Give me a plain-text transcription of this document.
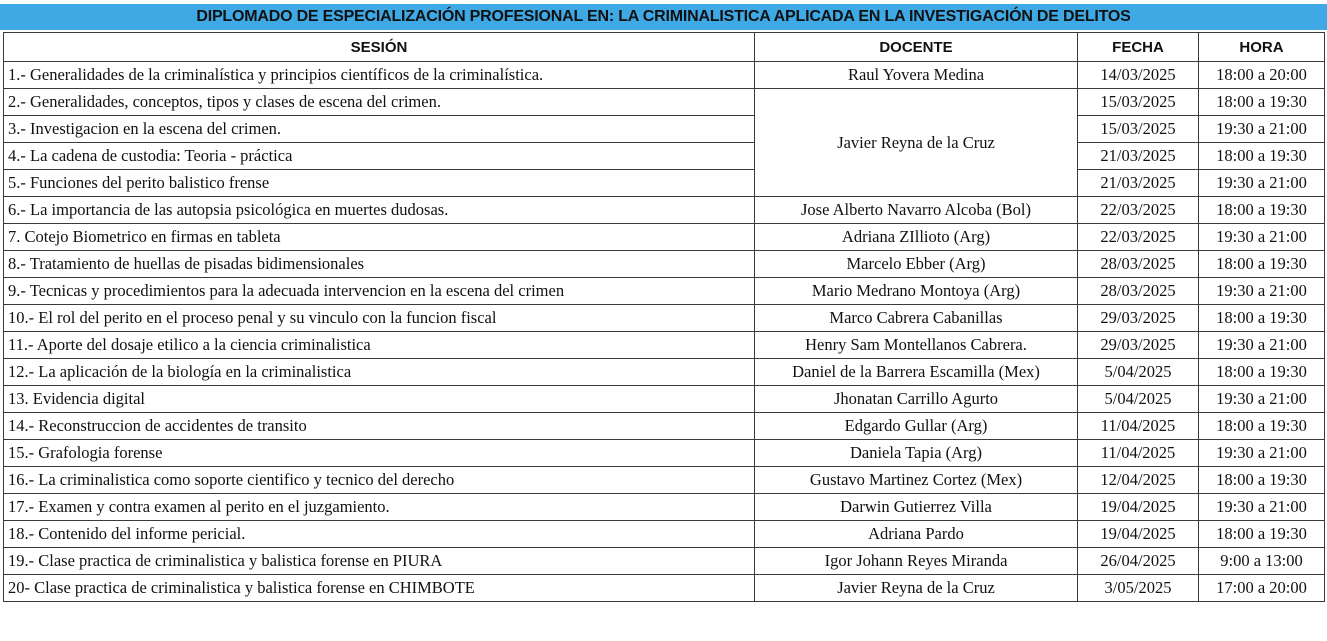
DIPLOMADO DE ESPECIALIZACIÓN PROFESIONAL EN: LA CRIMINALISTICA APLICADA EN LA INVESTIGACIÓN DE DELITOS
SESIÓN	DOCENTE	FECHA	HORA
1.- Generalidades de la criminalística y principios científicos de la criminalística.	Raul Yovera Medina	14/03/2025	18:00 a 20:00
2.- Generalidades, conceptos, tipos y clases de escena del crimen.	Javier Reyna de la Cruz	15/03/2025	18:00 a 19:30
3.- Investigacion en la escena del crimen.		15/03/2025	19:30 a 21:00
4.- La cadena de custodia: Teoria - práctica		21/03/2025	18:00 a 19:30
5.- Funciones del perito balistico frense		21/03/2025	19:30 a 21:00
6.- La importancia de las autopsia psicológica en muertes dudosas.	Jose Alberto Navarro Alcoba (Bol)	22/03/2025	18:00 a 19:30
7. Cotejo Biometrico en firmas en tableta	Adriana ZIllioto (Arg)	22/03/2025	19:30 a 21:00
8.- Tratamiento de huellas de pisadas bidimensionales	Marcelo Ebber (Arg)	28/03/2025	18:00 a 19:30
9.- Tecnicas y procedimientos para la adecuada intervencion en la escena del crimen	Mario Medrano Montoya (Arg)	28/03/2025	19:30 a 21:00
10.- El rol del perito en el proceso penal y su vinculo con la funcion fiscal	Marco Cabrera Cabanillas	29/03/2025	18:00 a 19:30
11.- Aporte del dosaje etilico a la ciencia criminalistica	Henry Sam Montellanos Cabrera.	29/03/2025	19:30 a 21:00
12.- La aplicación de la biología en la criminalistica	Daniel de la Barrera Escamilla (Mex)	5/04/2025	18:00 a 19:30
13. Evidencia digital	Jhonatan Carrillo Agurto	5/04/2025	19:30 a 21:00
14.- Reconstruccion de accidentes de transito	Edgardo Gullar (Arg)	11/04/2025	18:00 a 19:30
15.- Grafologia forense	Daniela Tapia (Arg)	11/04/2025	19:30 a 21:00
16.- La criminalistica como soporte cientifico y tecnico del derecho	Gustavo Martinez Cortez (Mex)	12/04/2025	18:00 a 19:30
17.- Examen y contra examen al perito en el juzgamiento.	Darwin Gutierrez Villa	19/04/2025	19:30 a 21:00
18.- Contenido del informe pericial.	Adriana Pardo	19/04/2025	18:00 a 19:30
19.- Clase practica de criminalistica y balistica forense en PIURA	Igor Johann Reyes Miranda	26/04/2025	9:00 a 13:00
20- Clase practica de criminalistica y balistica forense en CHIMBOTE	Javier Reyna de la Cruz	3/05/2025	17:00 a 20:00
